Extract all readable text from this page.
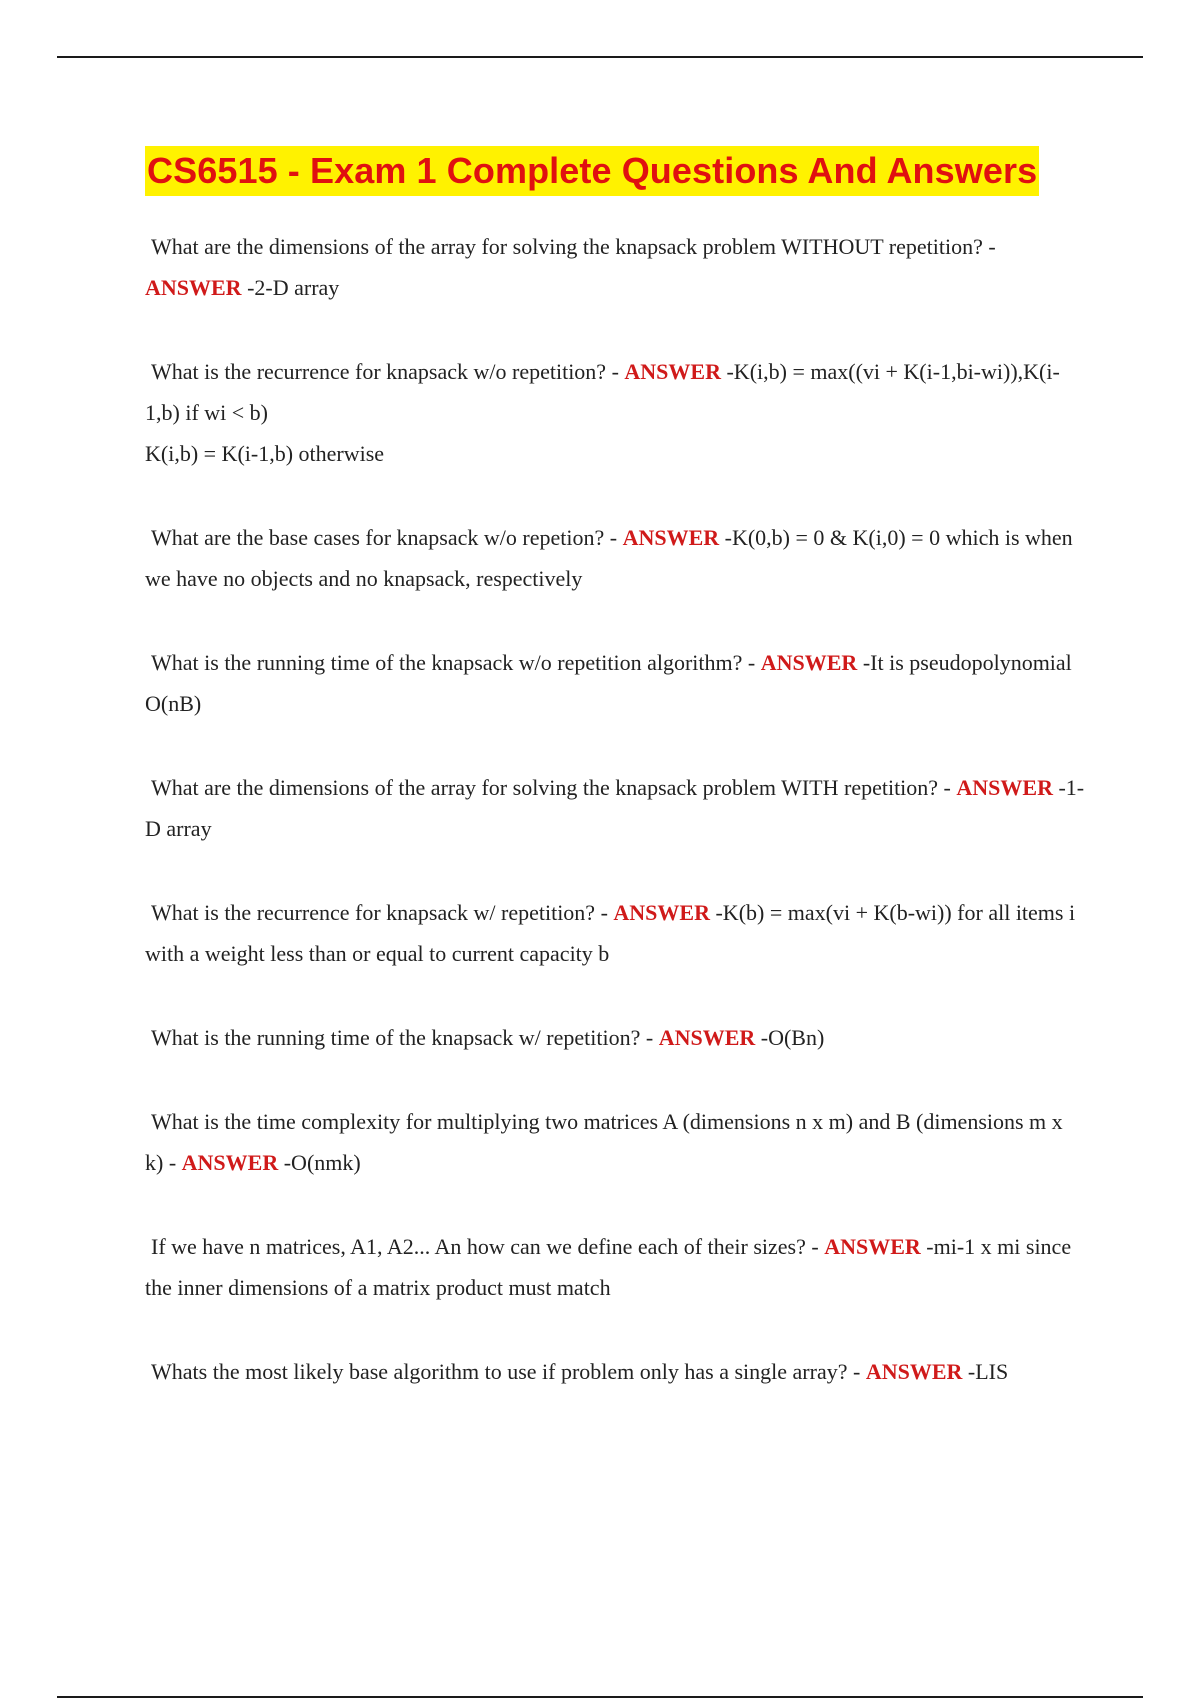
CS6515 - Exam 1 Complete Questions And Answers
What are the dimensions of the array for solving the knapsack problem WITHOUT repetition? - ANSWER -2-D array
What is the recurrence for knapsack w/o repetition? - ANSWER -K(i,b) = max((vi + K(i-1,bi-wi)),K(i-1,b) if wi < b)
K(i,b) = K(i-1,b) otherwise
What are the base cases for knapsack w/o repetion? - ANSWER -K(0,b) = 0 & K(i,0) = 0 which is when we have no objects and no knapsack, respectively
What is the running time of the knapsack w/o repetition algorithm? - ANSWER -It is pseudopolynomial O(nB)
What are the dimensions of the array for solving the knapsack problem WITH repetition? - ANSWER -1-D array
What is the recurrence for knapsack w/ repetition? - ANSWER -K(b) = max(vi + K(b-wi)) for all items i with a weight less than or equal to current capacity b
What is the running time of the knapsack w/ repetition? - ANSWER -O(Bn)
What is the time complexity for multiplying two matrices A (dimensions n x m) and B (dimensions m x k) - ANSWER -O(nmk)
If we have n matrices, A1, A2... An how can we define each of their sizes? - ANSWER -mi-1 x mi since the inner dimensions of a matrix product must match
Whats the most likely base algorithm to use if problem only has a single array? - ANSWER -LIS
